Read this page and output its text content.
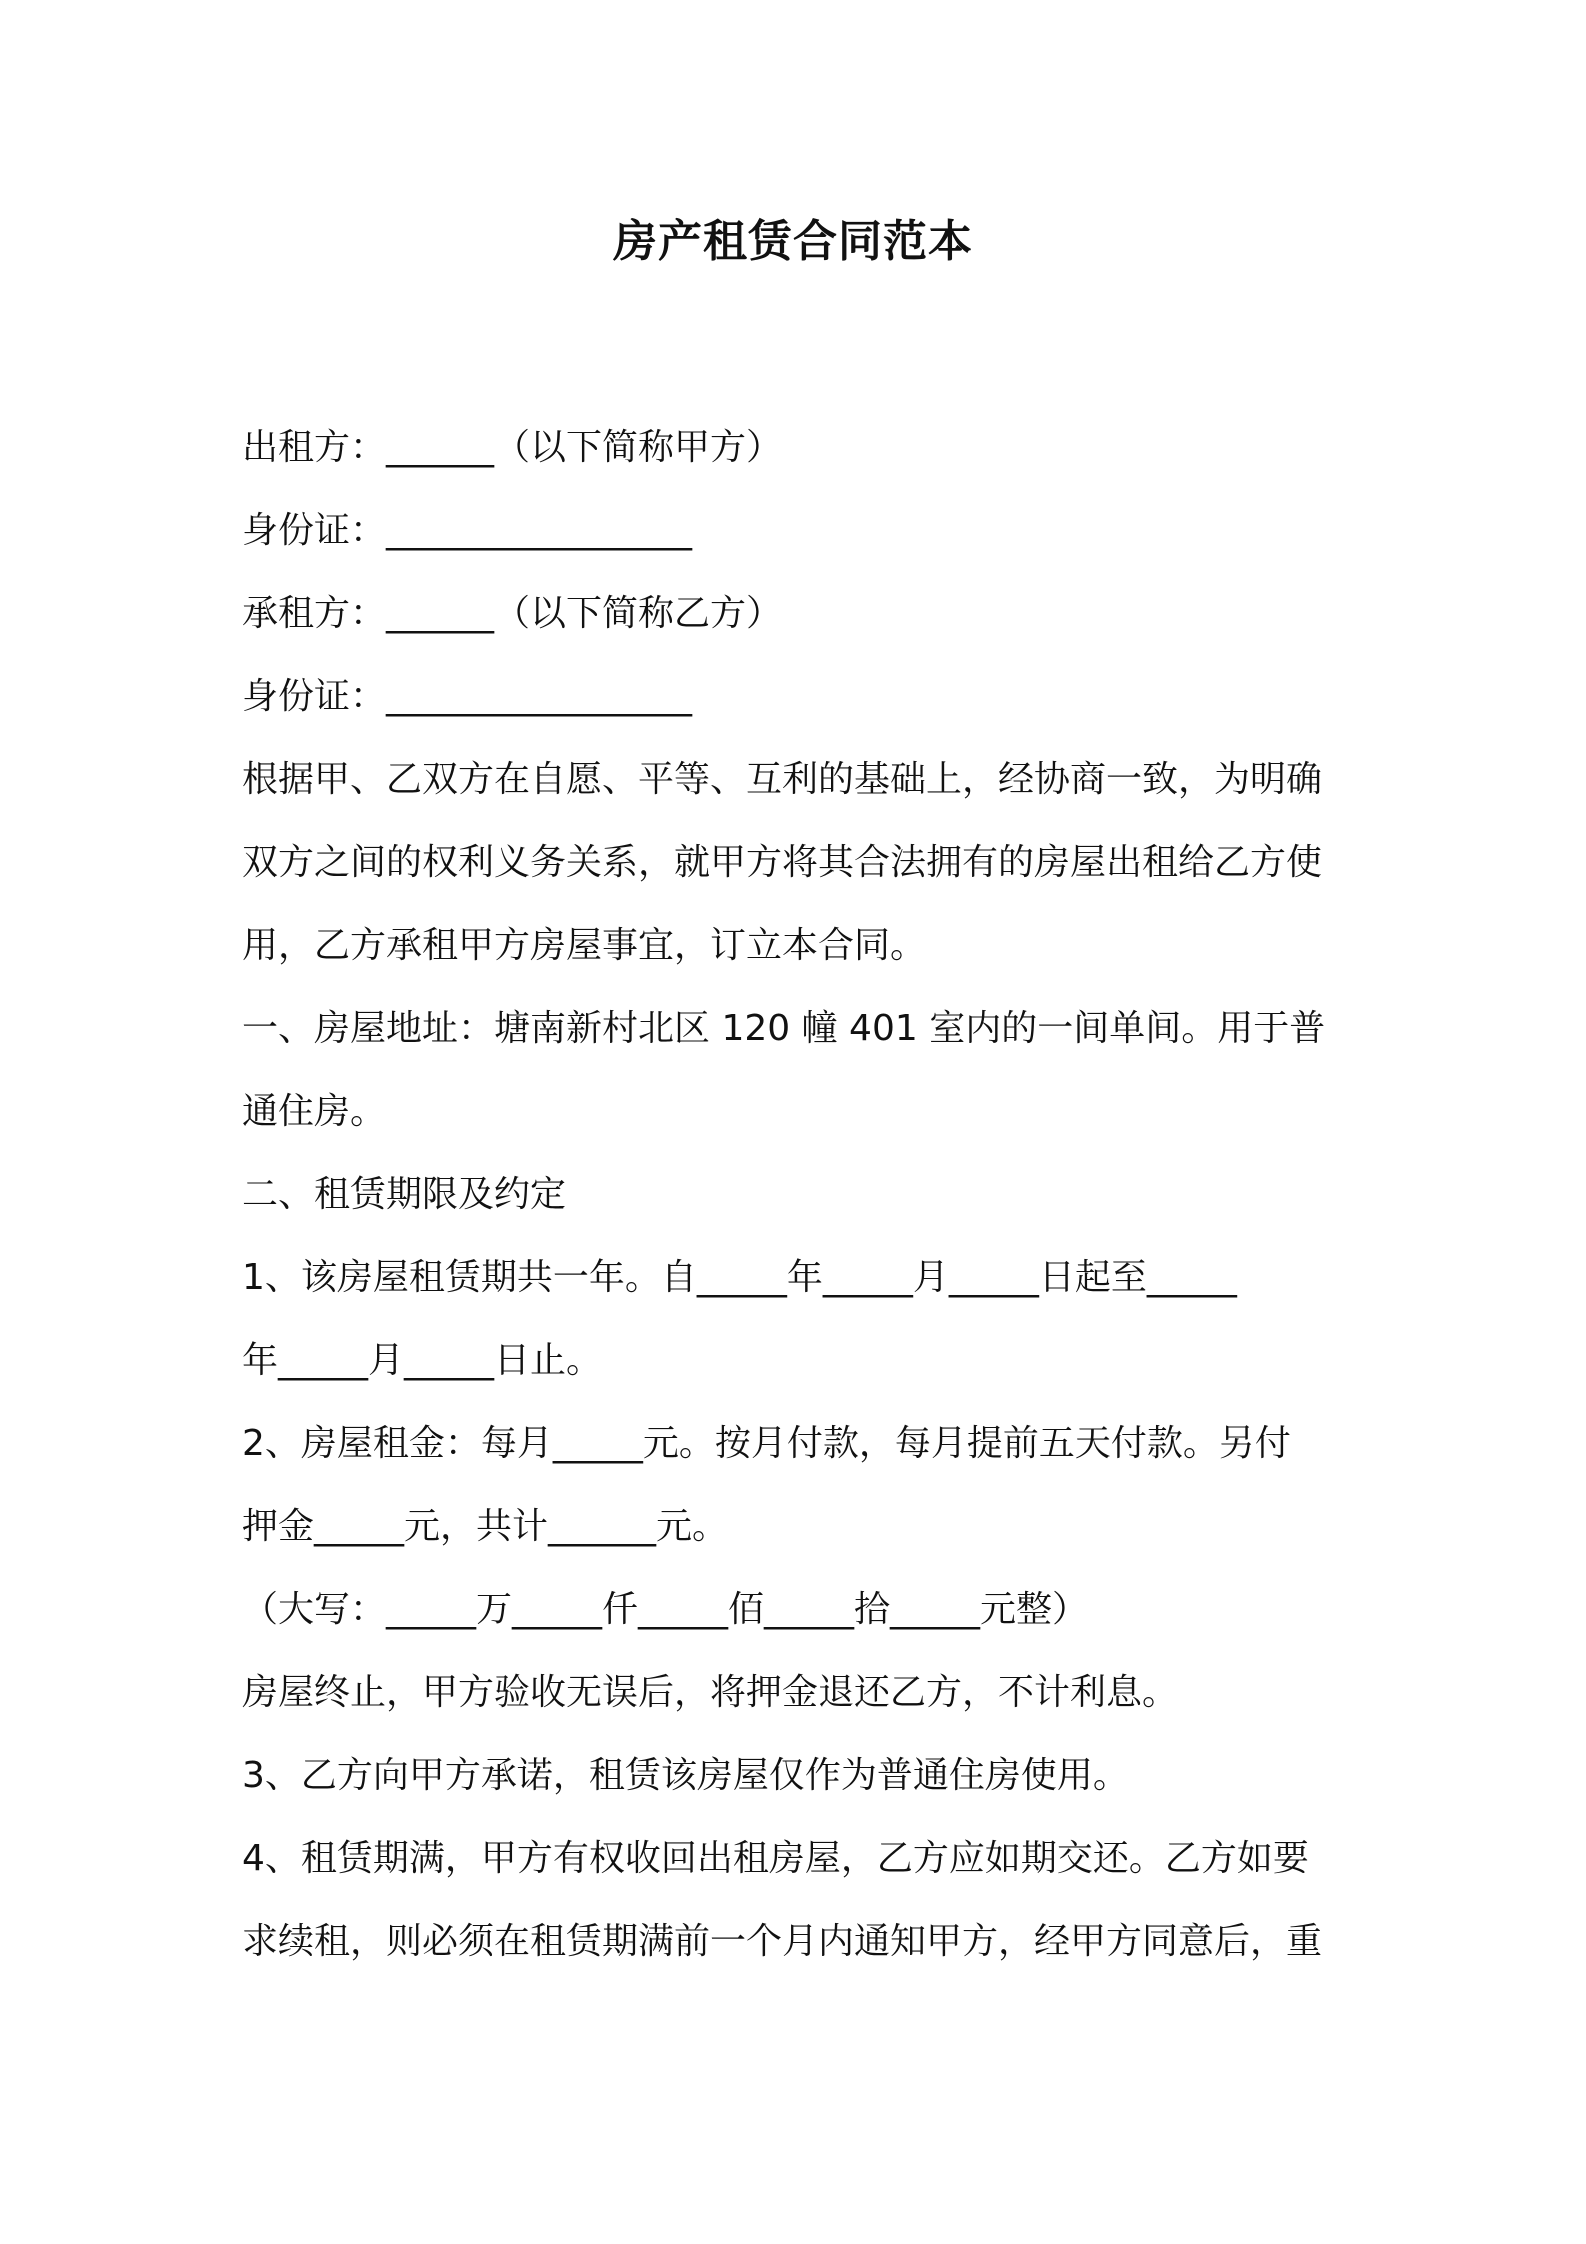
房产租赁合同范本
出租方：______（以下简称甲方）
身份证：_________________
承租方：______（以下简称乙方）
身份证：_________________
根据甲、乙双方在自愿、平等、互利的基础上，经协商一致，为明确
双方之间的权利义务关系，就甲方将其合法拥有的房屋出租给乙方使
用，乙方承租甲方房屋事宜，订立本合同。
一、房屋地址：塘南新村北区 120 幢 401 室内的一间单间。用于普
通住房。
二、租赁期限及约定
1、该房屋租赁期共一年。自_____年_____月_____日起至_____
年_____月_____日止。
2、房屋租金：每月_____元。按月付款，每月提前五天付款。另付
押金_____元，共计______元。
（大写：_____万_____仟_____佰_____拾_____元整）
房屋终止，甲方验收无误后，将押金退还乙方，不计利息。
3、乙方向甲方承诺，租赁该房屋仅作为普通住房使用。
4、租赁期满，甲方有权收回出租房屋，乙方应如期交还。乙方如要
求续租，则必须在租赁期满前一个月内通知甲方，经甲方同意后，重
